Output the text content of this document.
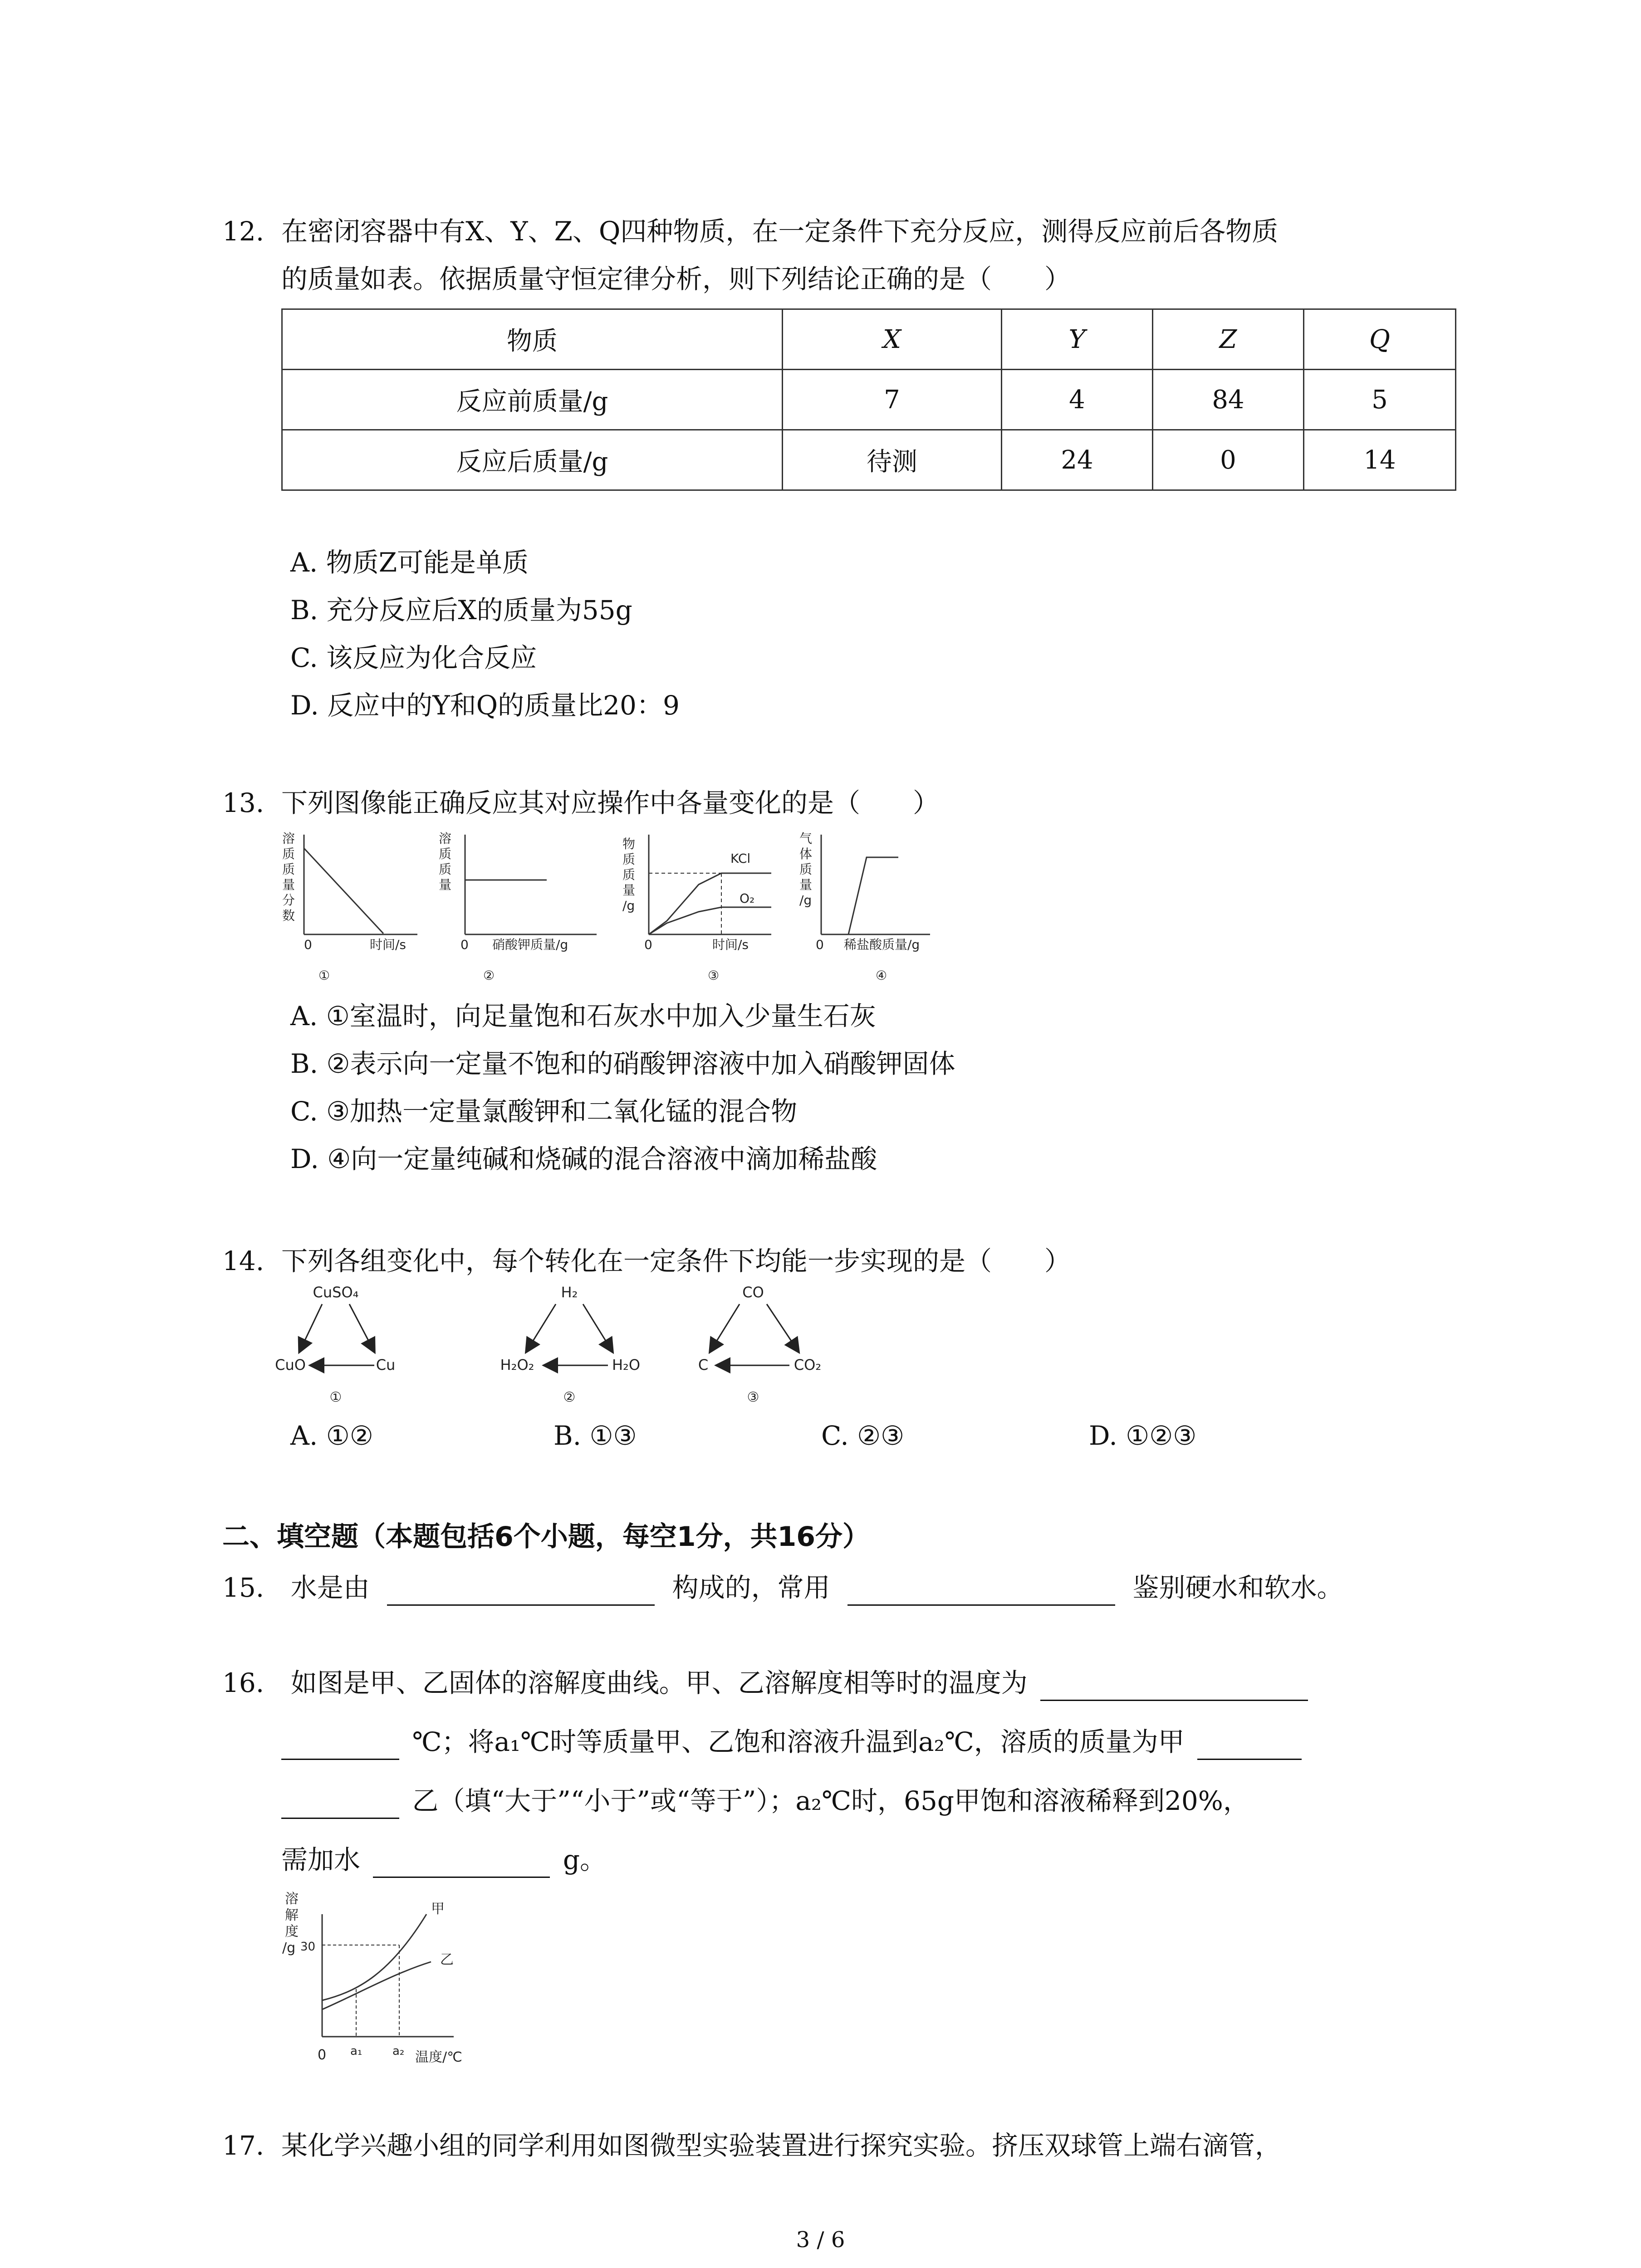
12. 在密闭容器中有X、Y、Z、Q四种物质，在一定条件下充分反应，测得反应前后各物质
的质量如表。依据质量守恒定律分析，则下列结论正确的是（　　）
物质	X	Y	Z	Q
反应前质量/g	7	4	84	5
反应后质量/g	待测	24	0	14
A. 物质Z可能是单质
B. 充分反应后X的质量为55g
C. 该反应为化合反应
D. 反应中的Y和Q的质量比20：9
13. 下列图像能正确反应其对应操作中各量变化的是（　　）
溶
质
质
量
分
数
0	时间/s
①
溶
质
质
量
0 硝酸钾质量/g
②
物
质
质
量
/g
0	时间/s
KCl
O₂
③
气
体
质
量
/g
0 稀盐酸质量/g
④
A. ①室温时，向足量饱和石灰水中加入少量生石灰
B. ②表示向一定量不饱和的硝酸钾溶液中加入硝酸钾固体
C. ③加热一定量氯酸钾和二氧化锰的混合物
D. ④向一定量纯碱和烧碱的混合溶液中滴加稀盐酸
14. 下列各组变化中，每个转化在一定条件下均能一步实现的是（　　）
CuSO₄
CuO	Cu
①
H₂
H₂O₂	H₂O
②
CO
C	CO₂
③
A. ①②	B. ①③	C. ②③	D. ①②③
二、填空题（本题包括6个小题，每空1分，共16分）
15. 水是由	构成的，常用	鉴别硬水和软水。
16. 如图是甲、乙固体的溶解度曲线。甲、乙溶解度相等时的温度为
℃；将a₁℃时等质量甲、乙饱和溶液升温到a₂℃，溶质的质量为甲
乙（填“大于”“小于”或“等于”）；a₂℃时，65g甲饱和溶液稀释到20%，
需加水	g。
溶
解
度
/g 30
0 a₁	a₂ 温度/℃
甲
乙
17. 某化学兴趣小组的同学利用如图微型实验装置进行探究实验。挤压双球管上端右滴管，
3 / 6
